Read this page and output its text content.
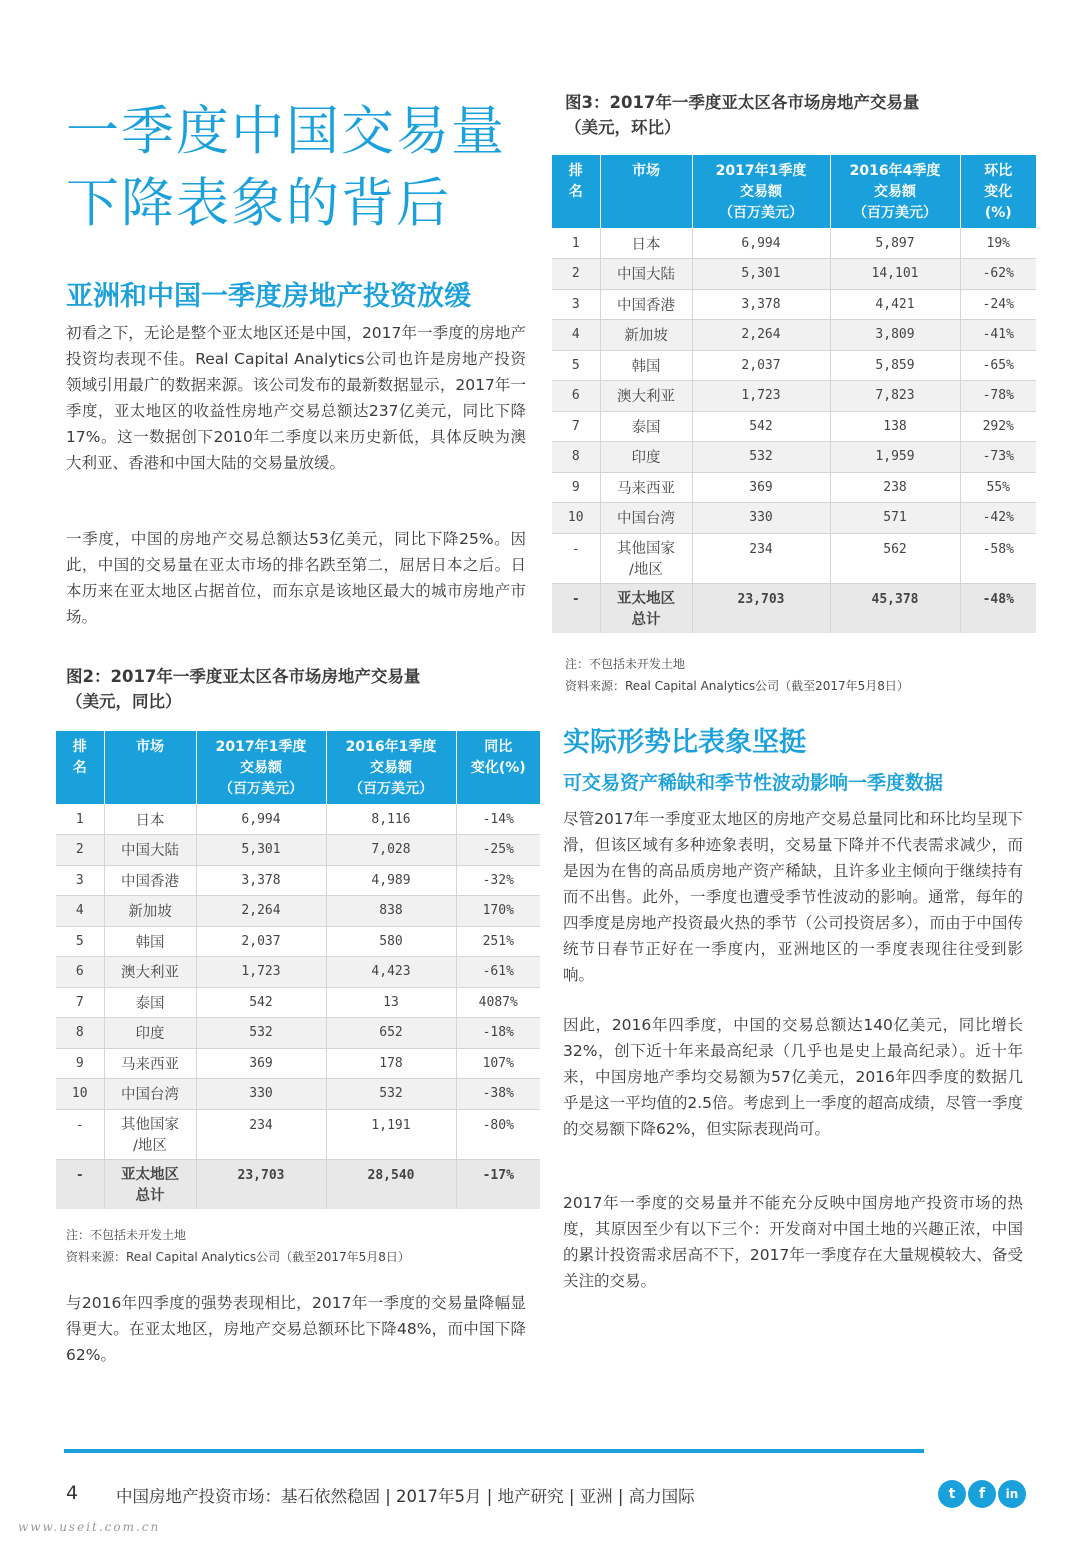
一季度中国交易量
下降表象的背后
亚洲和中国一季度房地产投资放缓

初看之下，无论是整个亚太地区还是中国，2017年一季度的房地产投资均表现不佳。Real Capital Analytics公司也许是房地产投资领域引用最广的数据来源。该公司发布的最新数据显示，2017年一季度，亚太地区的收益性房地产交易总额达237亿美元，同比下降17%。这一数据创下2010年二季度以来历史新低，具体反映为澳大利亚、香港和中国大陆的交易量放缓。

一季度，中国的房地产交易总额达53亿美元，同比下降25%。因此，中国的交易量在亚太市场的排名跌至第二，屈居日本之后。日本历来在亚太地区占据首位，而东京是该地区最大的城市房地产市场。

图2：2017年一季度亚太区各市场房地产交易量
（美元，同比）
排
名	市场	2017年1季度
交易额
（百万美元）	2016年1季度
交易额
（百万美元）	同比
变化(%)
1	日本	6,994	8,116	-14%
2	中国大陆	5,301	7,028	-25%
3	中国香港	3,378	4,989	-32%
4	新加坡	2,264	838	170%
5	韩国	2,037	580	251%
6	澳大利亚	1,723	4,423	-61%
7	泰国	542	13	4087%
8	印度	532	652	-18%
9	马来西亚	369	178	107%
10	中国台湾	330	532	-38%
-	其他国家
/地区	234	1,191	-80%
-	亚太地区
总计	23,703	28,540	-17%
注：不包括未开发土地
资料来源：Real Capital Analytics公司（截至2017年5月8日）

与2016年四季度的强势表现相比，2017年一季度的交易量降幅显得更大。在亚太地区，房地产交易总额环比下降48%，而中国下降62%。

图3：2017年一季度亚太区各市场房地产交易量
（美元，环比）
排
名	市场	2017年1季度
交易额
（百万美元）	2016年4季度
交易额
（百万美元）	环比
变化
(%)
1	日本	6,994	5,897	19%
2	中国大陆	5,301	14,101	-62%
3	中国香港	3,378	4,421	-24%
4	新加坡	2,264	3,809	-41%
5	韩国	2,037	5,859	-65%
6	澳大利亚	1,723	7,823	-78%
7	泰国	542	138	292%
8	印度	532	1,959	-73%
9	马来西亚	369	238	55%
10	中国台湾	330	571	-42%
-	其他国家
/地区	234	562	-58%
-	亚太地区
总计	23,703	45,378	-48%
注：不包括未开发土地
资料来源：Real Capital Analytics公司（截至2017年5月8日）
实际形势比表象坚挺
可交易资产稀缺和季节性波动影响一季度数据

尽管2017年一季度亚太地区的房地产交易总量同比和环比均呈现下滑，但该区域有多种迹象表明，交易量下降并不代表需求减少，而是因为在售的高品质房地产资产稀缺，且许多业主倾向于继续持有而不出售。此外，一季度也遭受季节性波动的影响。通常，每年的四季度是房地产投资最火热的季节（公司投资居多），而由于中国传统节日春节正好在一季度内，亚洲地区的一季度表现往往受到影响。

因此，2016年四季度，中国的交易总额达140亿美元，同比增长32%，创下近十年来最高纪录（几乎也是史上最高纪录）。近十年来，中国房地产季均交易额为57亿美元，2016年四季度的数据几乎是这一平均值的2.5倍。考虑到上一季度的超高成绩，尽管一季度的交易额下降62%，但实际表现尚可。

2017年一季度的交易量并不能充分反映中国房地产投资市场的热度，其原因至少有以下三个：开发商对中国土地的兴趣正浓，中国的累计投资需求居高不下，2017年一季度存在大量规模较大、备受关注的交易。

4 中国房地产投资市场：基石依然稳固 | 2017年5月 | 地产研究 | 亚洲 | 高力国际	t	f	in
www.useit.com.cn
